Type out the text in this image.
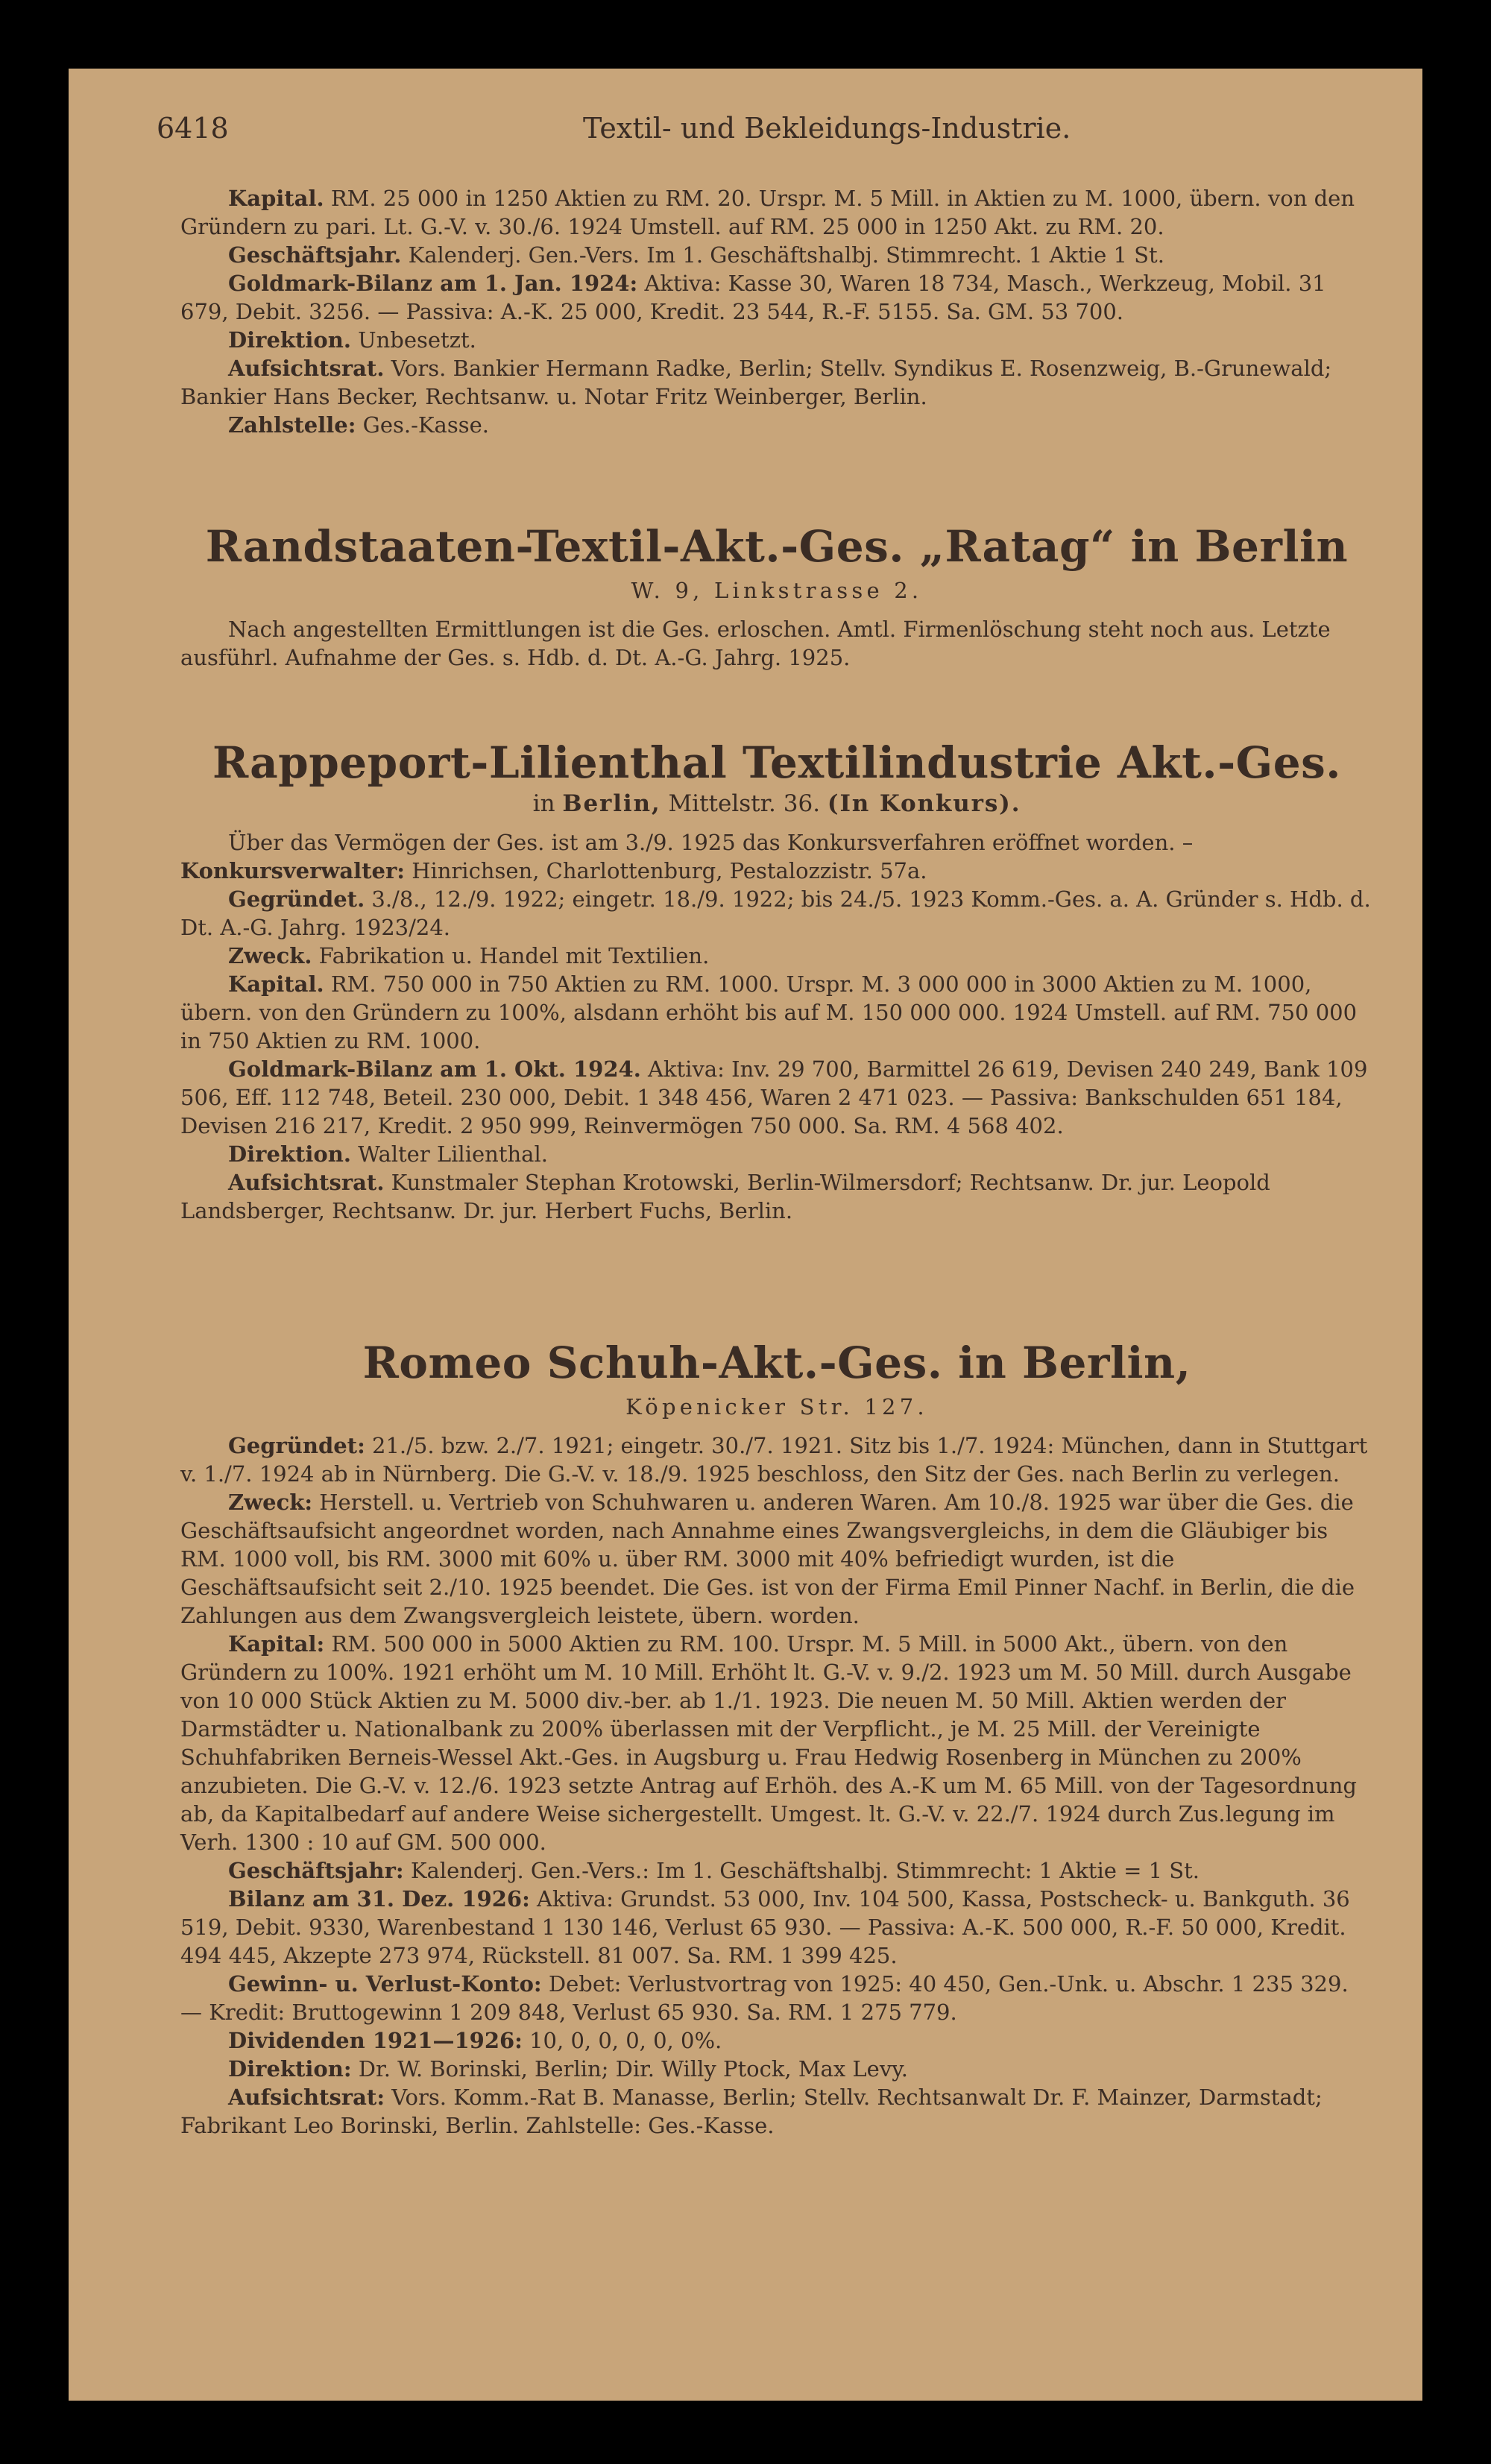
6418	Textil- und Bekleidungs-Industrie.

Kapital. RM. 25 000 in 1250 Aktien zu RM. 20. Urspr. M. 5 Mill. in Aktien zu M. 1000, übern. von den Gründern zu pari. Lt. G.-V. v. 30./6. 1924 Umstell. auf RM. 25 000 in 1250 Akt. zu RM. 20.

Geschäftsjahr. Kalenderj. Gen.-Vers. Im 1. Geschäftshalbj. Stimmrecht. 1 Aktie 1 St.

Goldmark-Bilanz am 1. Jan. 1924: Aktiva: Kasse 30, Waren 18 734, Masch., Werkzeug, Mobil. 31 679, Debit. 3256. — Passiva: A.-K. 25 000, Kredit. 23 544, R.-F. 5155. Sa. GM. 53 700.

Direktion. Unbesetzt.

Aufsichtsrat. Vors. Bankier Hermann Radke, Berlin; Stellv. Syndikus E. Rosenzweig, B.-Grunewald; Bankier Hans Becker, Rechtsanw. u. Notar Fritz Weinberger, Berlin.

Zahlstelle: Ges.-Kasse.

Randstaaten-Textil-Akt.-Ges. „Ratag“ in Berlin

W. 9, Linkstrasse 2.

Nach angestellten Ermittlungen ist die Ges. erloschen. Amtl. Firmenlöschung steht noch aus. Letzte ausführl. Aufnahme der Ges. s. Hdb. d. Dt. A.-G. Jahrg. 1925.

Rappeport-Lilienthal Textilindustrie Akt.-Ges.

in Berlin, Mittelstr. 36. (In Konkurs).

Über das Vermögen der Ges. ist am 3./9. 1925 das Konkursverfahren eröffnet worden. –

Konkursverwalter: Hinrichsen, Charlottenburg, Pestalozzistr. 57a.

Gegründet. 3./8., 12./9. 1922; eingetr. 18./9. 1922; bis 24./5. 1923 Komm.-Ges. a. A. Gründer s. Hdb. d. Dt. A.-G. Jahrg. 1923/24.

Zweck. Fabrikation u. Handel mit Textilien.

Kapital. RM. 750 000 in 750 Aktien zu RM. 1000. Urspr. M. 3 000 000 in 3000 Aktien zu M. 1000, übern. von den Gründern zu 100%, alsdann erhöht bis auf M. 150 000 000. 1924 Umstell. auf RM. 750 000 in 750 Aktien zu RM. 1000.

Goldmark-Bilanz am 1. Okt. 1924. Aktiva: Inv. 29 700, Barmittel 26 619, Devisen 240 249, Bank 109 506, Eff. 112 748, Beteil. 230 000, Debit. 1 348 456, Waren 2 471 023. — Passiva: Bankschulden 651 184, Devisen 216 217, Kredit. 2 950 999, Reinvermögen 750 000. Sa. RM. 4 568 402.

Direktion. Walter Lilienthal.

Aufsichtsrat. Kunstmaler Stephan Krotowski, Berlin-Wilmersdorf; Rechtsanw. Dr. jur. Leopold Landsberger, Rechtsanw. Dr. jur. Herbert Fuchs, Berlin.

Romeo Schuh-Akt.-Ges. in Berlin,

Köpenicker Str. 127.

Gegründet: 21./5. bzw. 2./7. 1921; eingetr. 30./7. 1921. Sitz bis 1./7. 1924: München, dann in Stuttgart v. 1./7. 1924 ab in Nürnberg. Die G.-V. v. 18./9. 1925 beschloss, den Sitz der Ges. nach Berlin zu verlegen.

Zweck: Herstell. u. Vertrieb von Schuhwaren u. anderen Waren. Am 10./8. 1925 war über die Ges. die Geschäftsaufsicht angeordnet worden, nach Annahme eines Zwangsvergleichs, in dem die Gläubiger bis RM. 1000 voll, bis RM. 3000 mit 60% u. über RM. 3000 mit 40% befriedigt wurden, ist die Geschäftsaufsicht seit 2./10. 1925 beendet. Die Ges. ist von der Firma Emil Pinner Nachf. in Berlin, die die Zahlungen aus dem Zwangsvergleich leistete, übern. worden.

Kapital: RM. 500 000 in 5000 Aktien zu RM. 100. Urspr. M. 5 Mill. in 5000 Akt., übern. von den Gründern zu 100%. 1921 erhöht um M. 10 Mill. Erhöht lt. G.-V. v. 9./2. 1923 um M. 50 Mill. durch Ausgabe von 10 000 Stück Aktien zu M. 5000 div.-ber. ab 1./1. 1923. Die neuen M. 50 Mill. Aktien werden der Darmstädter u. Nationalbank zu 200% überlassen mit der Verpflicht., je M. 25 Mill. der Vereinigte Schuhfabriken Berneis-Wessel Akt.-Ges. in Augsburg u. Frau Hedwig Rosenberg in München zu 200% anzubieten. Die G.-V. v. 12./6. 1923 setzte Antrag auf Erhöh. des A.-K um M. 65 Mill. von der Tagesordnung ab, da Kapitalbedarf auf andere Weise sichergestellt. Umgest. lt. G.-V. v. 22./7. 1924 durch Zus.legung im Verh. 1300 : 10 auf GM. 500 000.

Geschäftsjahr: Kalenderj. Gen.-Vers.: Im 1. Geschäftshalbj. Stimmrecht: 1 Aktie = 1 St.

Bilanz am 31. Dez. 1926: Aktiva: Grundst. 53 000, Inv. 104 500, Kassa, Postscheck- u. Bankguth. 36 519, Debit. 9330, Warenbestand 1 130 146, Verlust 65 930. — Passiva: A.-K. 500 000, R.-F. 50 000, Kredit. 494 445, Akzepte 273 974, Rückstell. 81 007. Sa. RM. 1 399 425.

Gewinn- u. Verlust-Konto: Debet: Verlustvortrag von 1925: 40 450, Gen.-Unk. u. Abschr. 1 235 329. — Kredit: Bruttogewinn 1 209 848, Verlust 65 930. Sa. RM. 1 275 779.

Dividenden 1921—1926: 10, 0, 0, 0, 0, 0%.

Direktion: Dr. W. Borinski, Berlin; Dir. Willy Ptock, Max Levy.

Aufsichtsrat: Vors. Komm.-Rat B. Manasse, Berlin; Stellv. Rechtsanwalt Dr. F. Mainzer, Darmstadt; Fabrikant Leo Borinski, Berlin. Zahlstelle: Ges.-Kasse.
